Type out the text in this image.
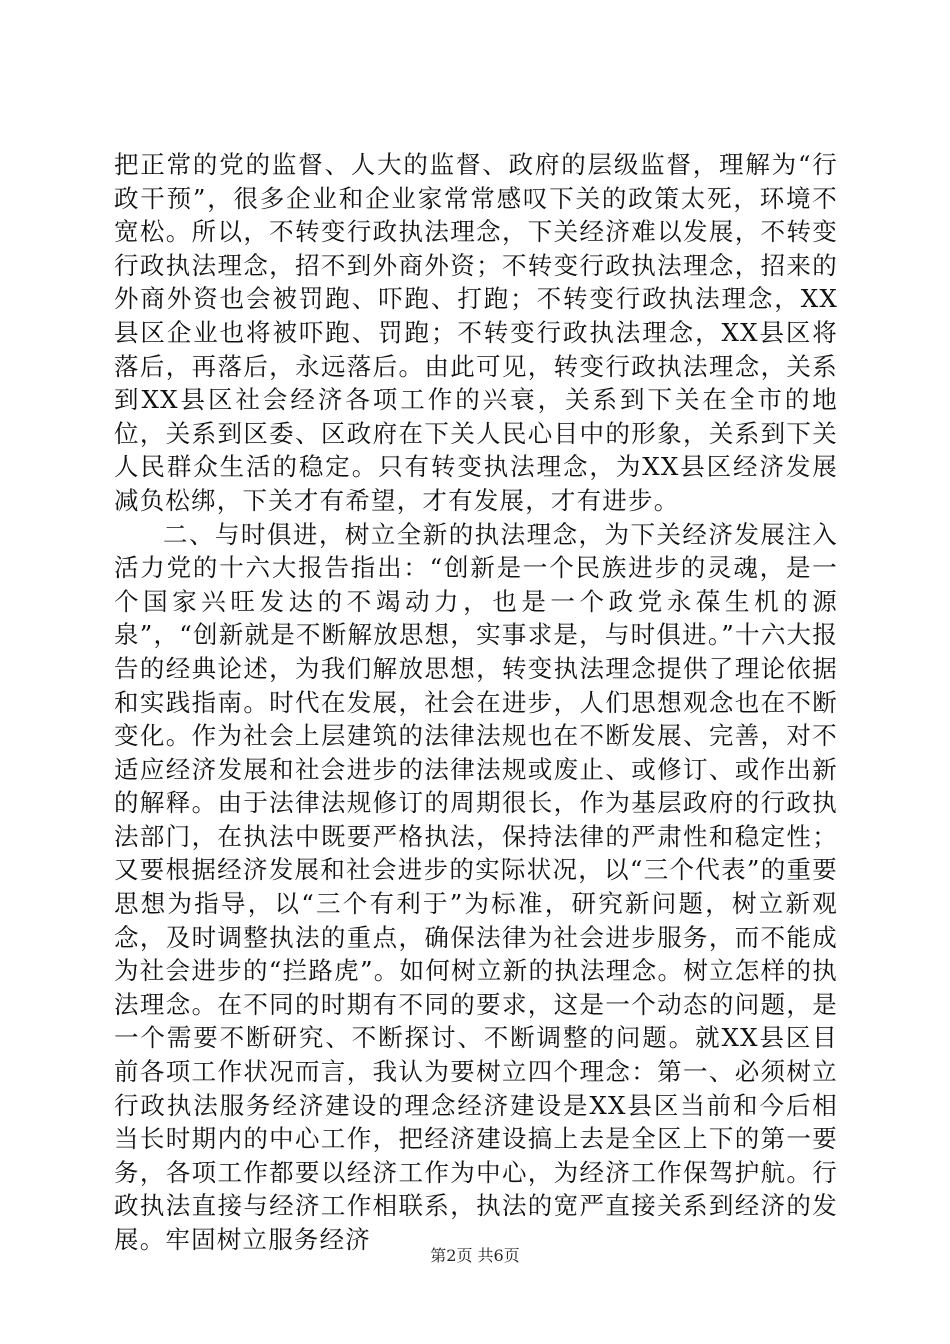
把正常的党的监督、人大的监督、政府的层级监督，理解为“行政干预”，很多企业和企业家常常感叹下关的政策太死，环境不宽松。所以，不转变行政执法理念，下关经济难以发展，不转变行政执法理念，招不到外商外资；不转变行政执法理念，招来的外商外资也会被罚跑、吓跑、打跑；不转变行政执法理念，XX县区企业也将被吓跑、罚跑；不转变行政执法理念，XX县区将落后，再落后，永远落后。由此可见，转变行政执法理念，关系到XX县区社会经济各项工作的兴衰，关系到下关在全市的地位，关系到区委、区政府在下关人民心目中的形象，关系到下关人民群众生活的稳定。只有转变执法理念，为XX县区经济发展减负松绑，下关才有希望，才有发展，才有进步。

二、与时俱进，树立全新的执法理念，为下关经济发展注入活力党的十六大报告指出：“创新是一个民族进步的灵魂，是一个国家兴旺发达的不竭动力，也是一个政党永葆生机的源泉”，“创新就是不断解放思想，实事求是，与时俱进。”十六大报告的经典论述，为我们解放思想，转变执法理念提供了理论依据和实践指南。时代在发展，社会在进步，人们思想观念也在不断变化。作为社会上层建筑的法律法规也在不断发展、完善，对不适应经济发展和社会进步的法律法规或废止、或修订、或作出新的解释。由于法律法规修订的周期很长，作为基层政府的行政执法部门，在执法中既要严格执法，保持法律的严肃性和稳定性；又要根据经济发展和社会进步的实际状况，以“三个代表”的重要思想为指导，以“三个有利于”为标准，研究新问题，树立新观念，及时调整执法的重点，确保法律为社会进步服务，而不能成为社会进步的“拦路虎”。如何树立新的执法理念。树立怎样的执法理念。在不同的时期有不同的要求，这是一个动态的问题，是一个需要不断研究、不断探讨、不断调整的问题。就XX县区目前各项工作状况而言，我认为要树立四个理念：第一、必须树立行政执法服务经济建设的理念经济建设是XX县区当前和今后相当长时期内的中心工作，把经济建设搞上去是全区上下的第一要务，各项工作都要以经济工作为中心，为经济工作保驾护航。行政执法直接与经济工作相联系，执法的宽严直接关系到经济的发展。牢固树立服务经济

第2页 共6页
